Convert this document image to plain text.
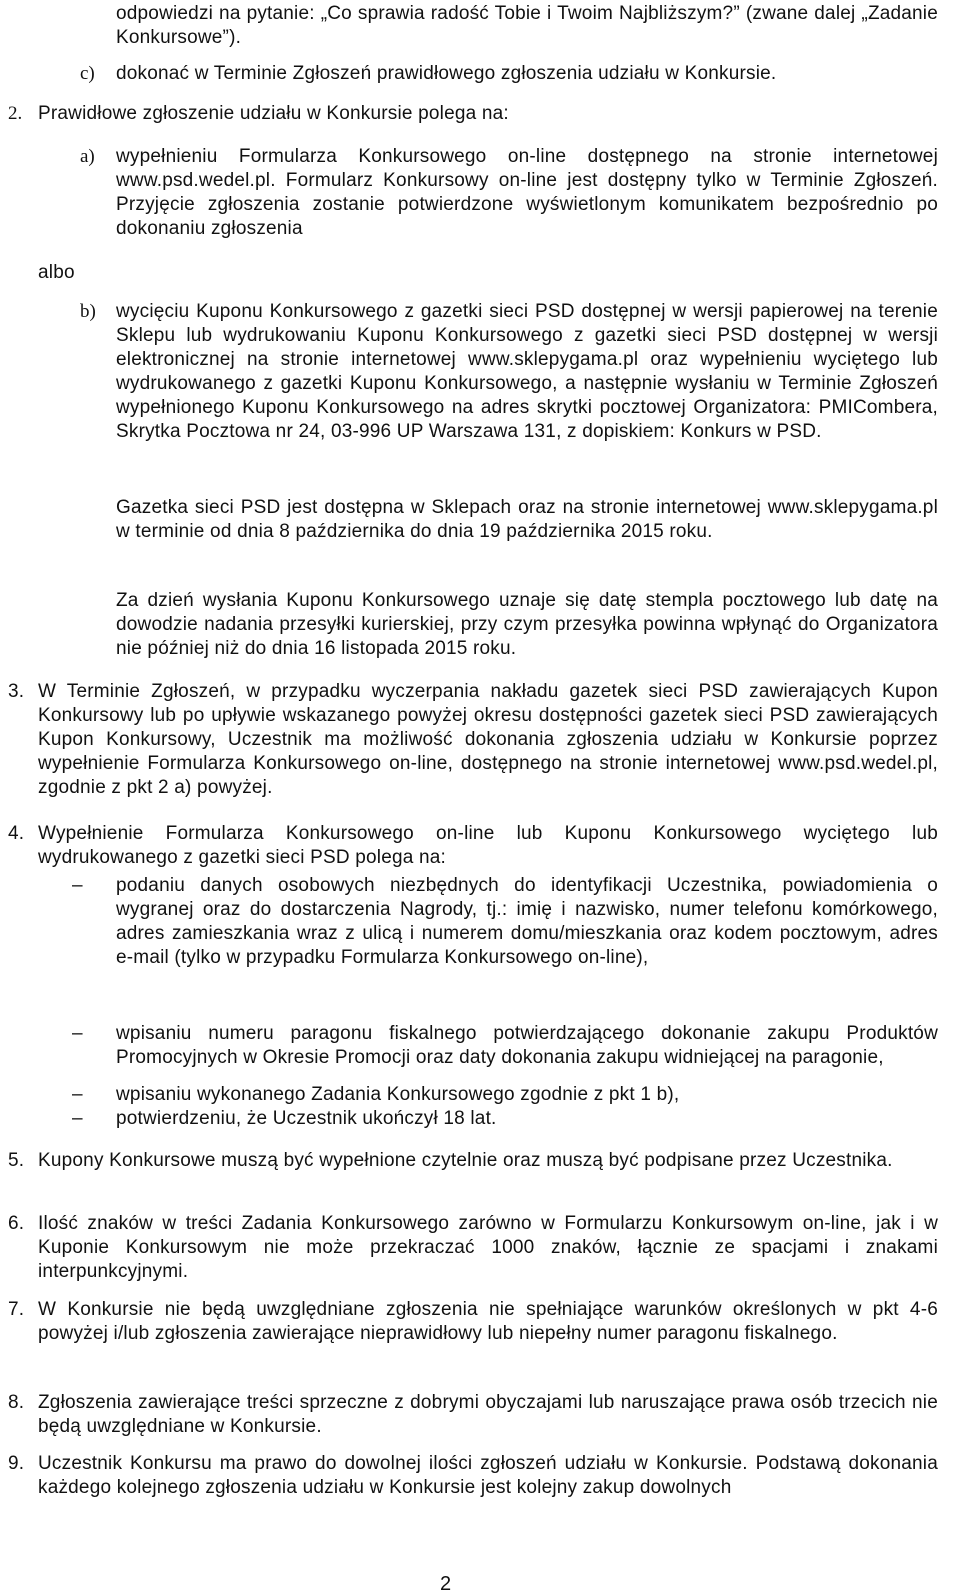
odpowiedzi na pytanie: „Co sprawia radość Tobie i Twoim Najbliższym?” (zwane dalej „Zadanie Konkursowe”).

c) dokonać w Terminie Zgłoszeń prawidłowego zgłoszenia udziału w Konkursie.

2. Prawidłowe zgłoszenie udziału w Konkursie polega na:

a) wypełnieniu Formularza Konkursowego on-line dostępnego na stronie internetowej www.psd.wedel.pl. Formularz Konkursowy on-line jest dostępny tylko w Terminie Zgłoszeń. Przyjęcie zgłoszenia zostanie potwierdzone wyświetlonym komunikatem bezpośrednio po dokonaniu zgłoszenia

albo
b) wycięciu Kuponu Konkursowego z gazetki sieci PSD dostępnej w wersji papierowej na terenie Sklepu lub wydrukowaniu Kuponu Konkursowego z gazetki sieci PSD dostępnej w wersji elektronicznej na stronie internetowej www.sklepygama.pl oraz wypełnieniu wyciętego lub wydrukowanego z gazetki Kuponu Konkursowego, a następnie wysłaniu w Terminie Zgłoszeń wypełnionego Kuponu Konkursowego na adres skrytki pocztowej Organizatora: PMICombera, Skrytka Pocztowa nr 24, 03-996 UP Warszawa 131, z dopiskiem: Konkurs w PSD.

Gazetka sieci PSD jest dostępna w Sklepach oraz na stronie internetowej www.sklepygama.pl w terminie od dnia 8 października do dnia 19 października 2015 roku.

Za dzień wysłania Kuponu Konkursowego uznaje się datę stempla pocztowego lub datę na dowodzie nadania przesyłki kurierskiej, przy czym przesyłka powinna wpłynąć do Organizatora nie później niż do dnia 16 listopada 2015 roku.

3. W Terminie Zgłoszeń, w przypadku wyczerpania nakładu gazetek sieci PSD zawierających Kupon Konkursowy lub po upływie wskazanego powyżej okresu dostępności gazetek sieci PSD zawierających Kupon Konkursowy, Uczestnik ma możliwość dokonania zgłoszenia udziału w Konkursie poprzez wypełnienie Formularza Konkursowego on-line, dostępnego na stronie internetowej www.psd.wedel.pl, zgodnie z pkt 2 a) powyżej.

4. Wypełnienie Formularza Konkursowego on-line lub Kuponu Konkursowego wyciętego lub wydrukowanego z gazetki sieci PSD polega na:

– podaniu danych osobowych niezbędnych do identyfikacji Uczestnika, powiadomienia o wygranej oraz do dostarczenia Nagrody, tj.: imię i nazwisko, numer telefonu komórkowego, adres zamieszkania wraz z ulicą i numerem domu/mieszkania oraz kodem pocztowym, adres e-mail (tylko w przypadku Formularza Konkursowego on-line),

– wpisaniu numeru paragonu fiskalnego potwierdzającego dokonanie zakupu Produktów Promocyjnych w Okresie Promocji oraz daty dokonania zakupu widniejącej na paragonie,

– wpisaniu wykonanego Zadania Konkursowego zgodnie z pkt 1 b),

– potwierdzeniu, że Uczestnik ukończył 18 lat.

5. Kupony Konkursowe muszą być wypełnione czytelnie oraz muszą być podpisane przez Uczestnika.

6. Ilość znaków w treści Zadania Konkursowego zarówno w Formularzu Konkursowym on-line, jak i w Kuponie Konkursowym nie może przekraczać 1000 znaków, łącznie ze spacjami i znakami interpunkcyjnymi.

7. W Konkursie nie będą uwzględniane zgłoszenia nie spełniające warunków określonych w pkt 4-6 powyżej i/lub zgłoszenia zawierające nieprawidłowy lub niepełny numer paragonu fiskalnego.

8. Zgłoszenia zawierające treści sprzeczne z dobrymi obyczajami lub naruszające prawa osób trzecich nie będą uwzględniane w Konkursie.

9. Uczestnik Konkursu ma prawo do dowolnej ilości zgłoszeń udziału w Konkursie. Podstawą dokonania każdego kolejnego zgłoszenia udziału w Konkursie jest kolejny zakup dowolnych

2
